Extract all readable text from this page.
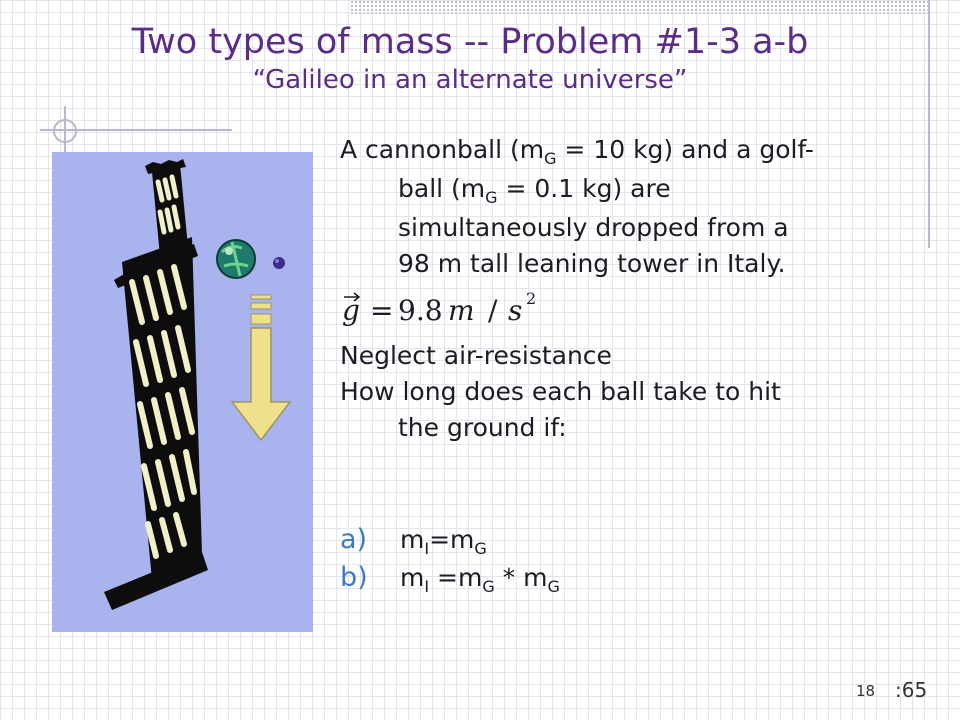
Two types of mass -- Problem #1-3 a-b
“Galileo in an alternate universe”

A cannonball ($m_G = 10$ kg) and a golf-ball ($m_G = 0.1$ kg) are simultaneously dropped from a 98 m tall leaning tower in Italy.

g = 9.8 m / s 2

Neglect air-resistance

How long does each ball take to hit the ground if:

a) $m_I=m_G$
b) $m_I =m_G * m_G$
18 :65
